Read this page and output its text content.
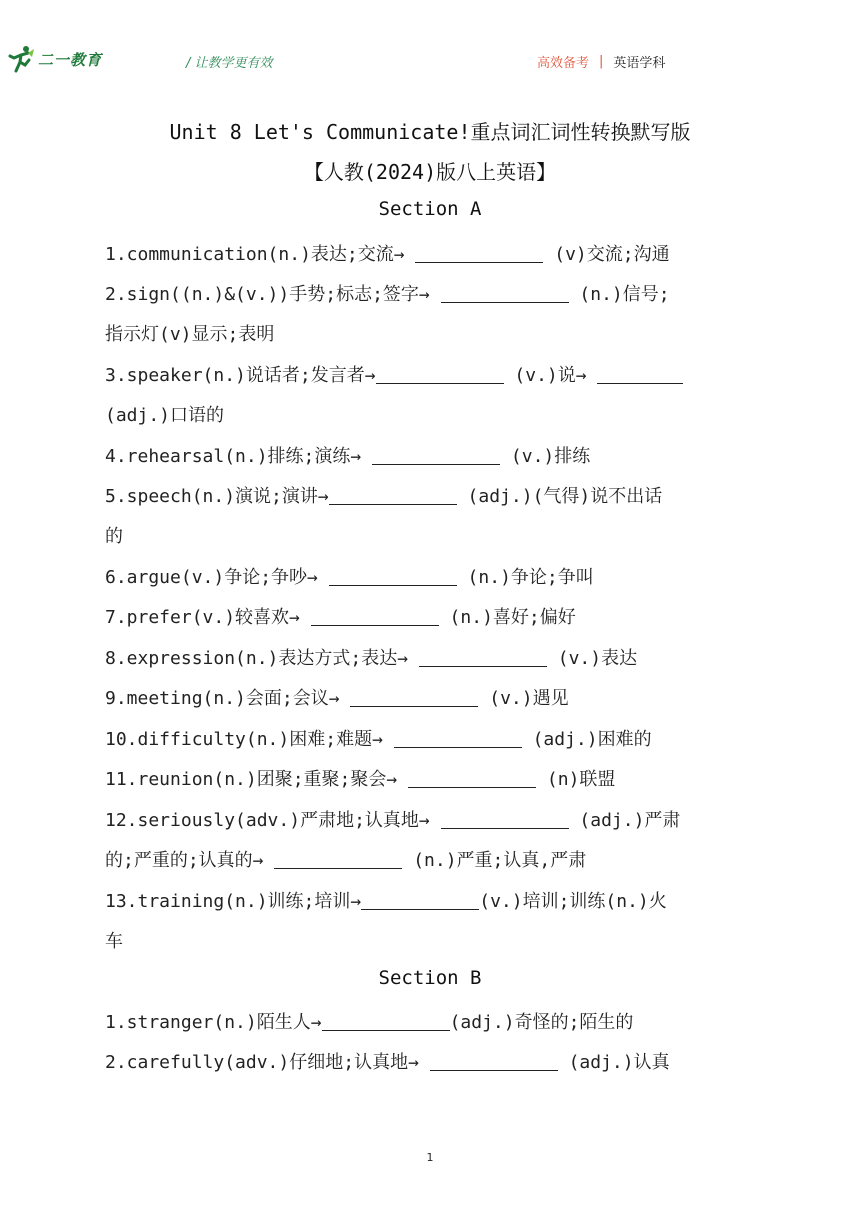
二一教育	/ 让教学更有效	高效备考 | 英语学科
Unit 8 Let's Communicate!重点词汇词性转换默写版
【人教(2024)版八上英语】
Section A
1.communication(n.)表达;交流→	(v)交流;沟通
2.sign((n.)&(v.))手势;标志;签字→	(n.)信号;
指示灯(v)显示;表明
3.speaker(n.)说话者;发言者→	(v.)说→
(adj.)口语的
4.rehearsal(n.)排练;演练→	(v.)排练
5.speech(n.)演说;演讲→	(adj.)(气得)说不出话
的
6.argue(v.)争论;争吵→	(n.)争论;争叫
7.prefer(v.)较喜欢→	(n.)喜好;偏好
8.expression(n.)表达方式;表达→	(v.)表达
9.meeting(n.)会面;会议→	(v.)遇见
10.difficulty(n.)困难;难题→	(adj.)困难的
11.reunion(n.)团聚;重聚;聚会→	(n)联盟
12.seriously(adv.)严肃地;认真地→	(adj.)严肃
的;严重的;认真的→	(n.)严重;认真,严肃
13.training(n.)训练;培训→	(v.)培训;训练(n.)火
车
Section B
1.stranger(n.)陌生人→	(adj.)奇怪的;陌生的
2.carefully(adv.)仔细地;认真地→	(adj.)认真
1
